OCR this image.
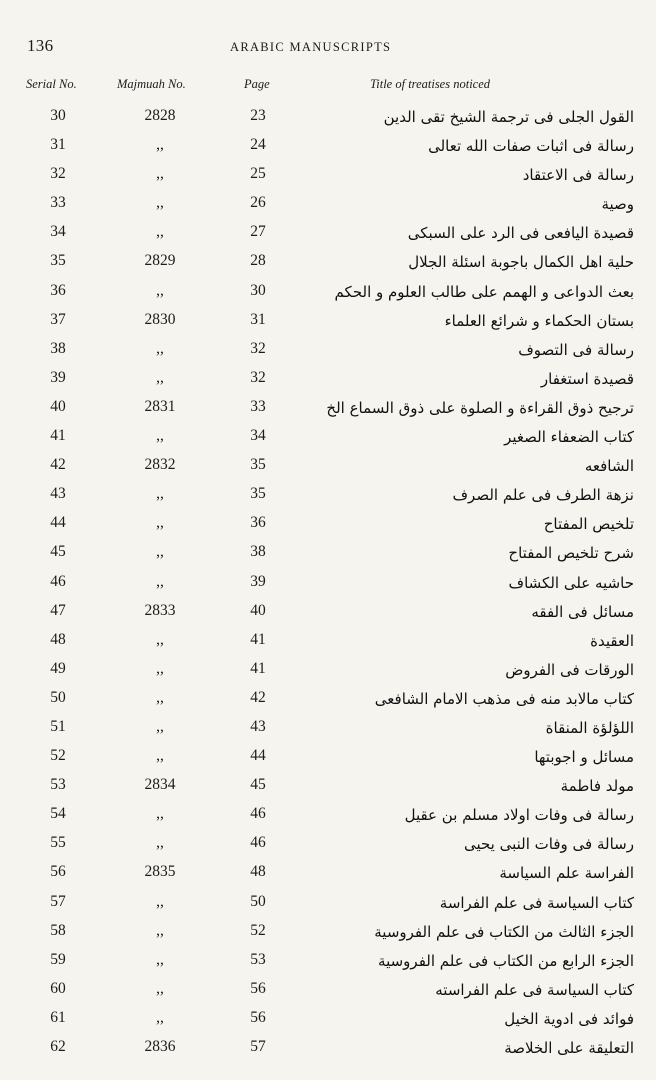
136	ARABIC MANUSCRIPTS
Serial No.	Majmuah No.	Page	Title of treatises noticed
30	2828	23	القول الجلی فی ترجمة الشیخ تقی الدین
31	,,	24	رسالة فی اثبات صفات الله تعالی
32	,,	25	رسالة فی الاعتقاد
33	,,	26	وصیة
34	,,	27	قصیدة الیافعی فی الرد علی السبکی
35	2829	28	حلیة اهل الکمال باجوبة اسئلة الجلال
36	,,	30	بعث الدواعی و الهمم علی طالب العلوم و الحکم
37	2830	31	بستان الحکماء و شرائع العلماء
38	,,	32	رسالة فی التصوف
39	,,	32	قصیدة استغفار
40	2831	33	ترجیح ذوق القراءة و الصلوة علی ذوق السماع الخ
41	,,	34	کتاب الضعفاء الصغیر
42	2832	35	الشافعه
43	,,	35	نزهة الطرف فی علم الصرف
44	,,	36	تلخیص المفتاح
45	,,	38	شرح تلخیص المفتاح
46	,,	39	حاشیه علی الکشاف
47	2833	40	مسائل فی الفقه
48	,,	41	العقیدة
49	,,	41	الورقات فی الفروض
50	,,	42	کتاب مالابد منه فی مذهب الامام الشافعی
51	,,	43	اللؤلؤة المنقاة
52	,,	44	مسائل و اجوبتها
53	2834	45	مولد فاطمة
54	,,	46	رسالة فی وفات اولاد مسلم بن عقیل
55	,,	46	رسالة فی وفات النبی یحیی
56	2835	48	الفراسة علم السیاسة
57	,,	50	کتاب السیاسة فی علم الفراسة
58	,,	52	الجزء الثالث من الکتاب فی علم الفروسیة
59	,,	53	الجزء الرابع من الکتاب فی علم الفروسیة
60	,,	56	کتاب السیاسة فی علم الفراسته
61	,,	56	فوائد فی ادویة الخیل
62	2836	57	التعلیقة علی الخلاصة
